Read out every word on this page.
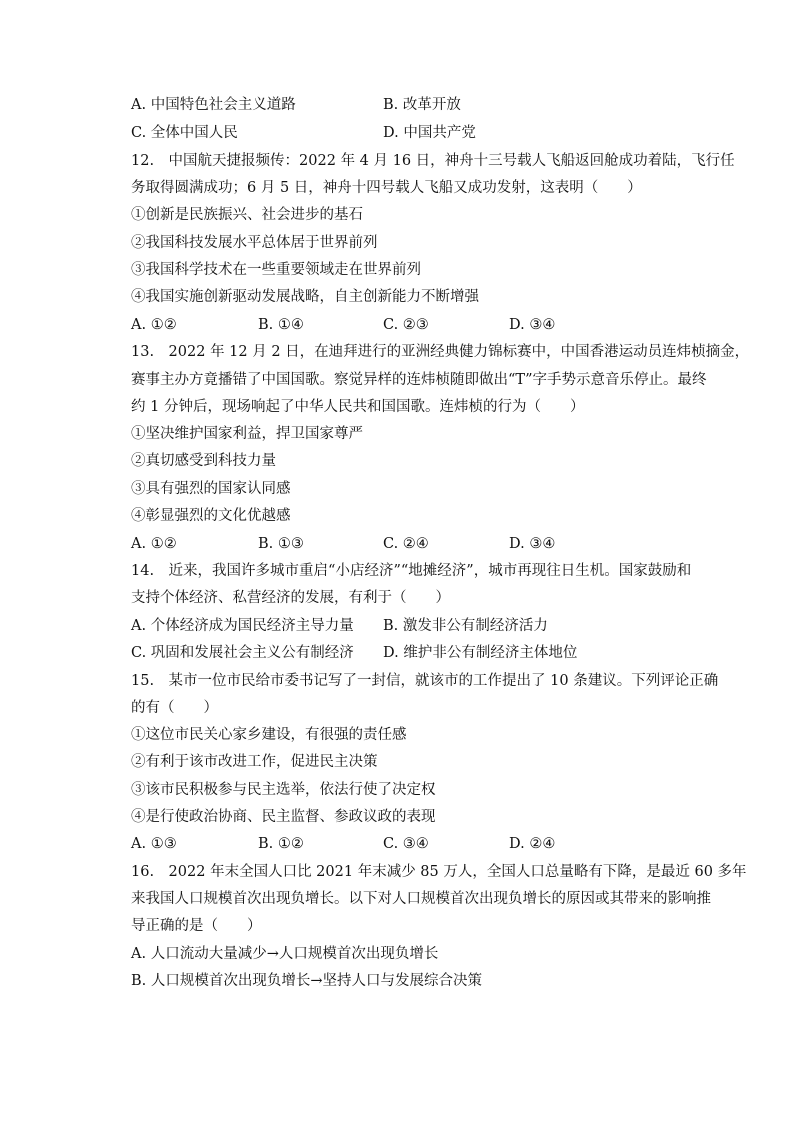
A. 中国特色社会主义道路	B. 改革开放
C. 全体中国人民	D. 中国共产党
12.　中国航天捷报频传：2022 年 4 月 16 日，神舟十三号载人飞船返回舱成功着陆，飞行任
务取得圆满成功；6 月 5 日，神舟十四号载人飞船又成功发射，这表明（　　）
①创新是民族振兴、社会进步的基石
②我国科技发展水平总体居于世界前列
③我国科学技术在一些重要领域走在世界前列
④我国实施创新驱动发展战略，自主创新能力不断增强
A. ①②	B. ①④	C. ②③	D. ③④
13.　2022 年 12 月 2 日，在迪拜进行的亚洲经典健力锦标赛中，中国香港运动员连炜桢摘金，
赛事主办方竟播错了中国国歌。察觉异样的连炜桢随即做出“T”字手势示意音乐停止。最终
约 1 分钟后，现场响起了中华人民共和国国歌。连炜桢的行为（　　）
①坚决维护国家利益，捍卫国家尊严
②真切感受到科技力量
③具有强烈的国家认同感
④彰显强烈的文化优越感
A. ①②	B. ①③	C. ②④	D. ③④
14.　近来，我国许多城市重启“小店经济”“地摊经济”，城市再现往日生机。国家鼓励和
支持个体经济、私营经济的发展，有利于（　　）
A. 个体经济成为国民经济主导力量 B. 激发非公有制经济活力
C. 巩固和发展社会主义公有制经济 D. 维护非公有制经济主体地位
15.　某市一位市民给市委书记写了一封信，就该市的工作提出了 10 条建议。下列评论正确
的有（　　）
①这位市民关心家乡建设，有很强的责任感
②有利于该市改进工作，促进民主决策
③该市民积极参与民主选举，依法行使了决定权
④是行使政治协商、民主监督、参政议政的表现
A. ①③	B. ①②	C. ③④	D. ②④
16.　2022 年末全国人口比 2021 年末减少 85 万人，全国人口总量略有下降，是最近 60 多年
来我国人口规模首次出现负增长。以下对人口规模首次出现负增长的原因或其带来的影响推
导正确的是（　　）
A. 人口流动大量减少→人口规模首次出现负增长
B. 人口规模首次出现负增长→坚持人口与发展综合决策
